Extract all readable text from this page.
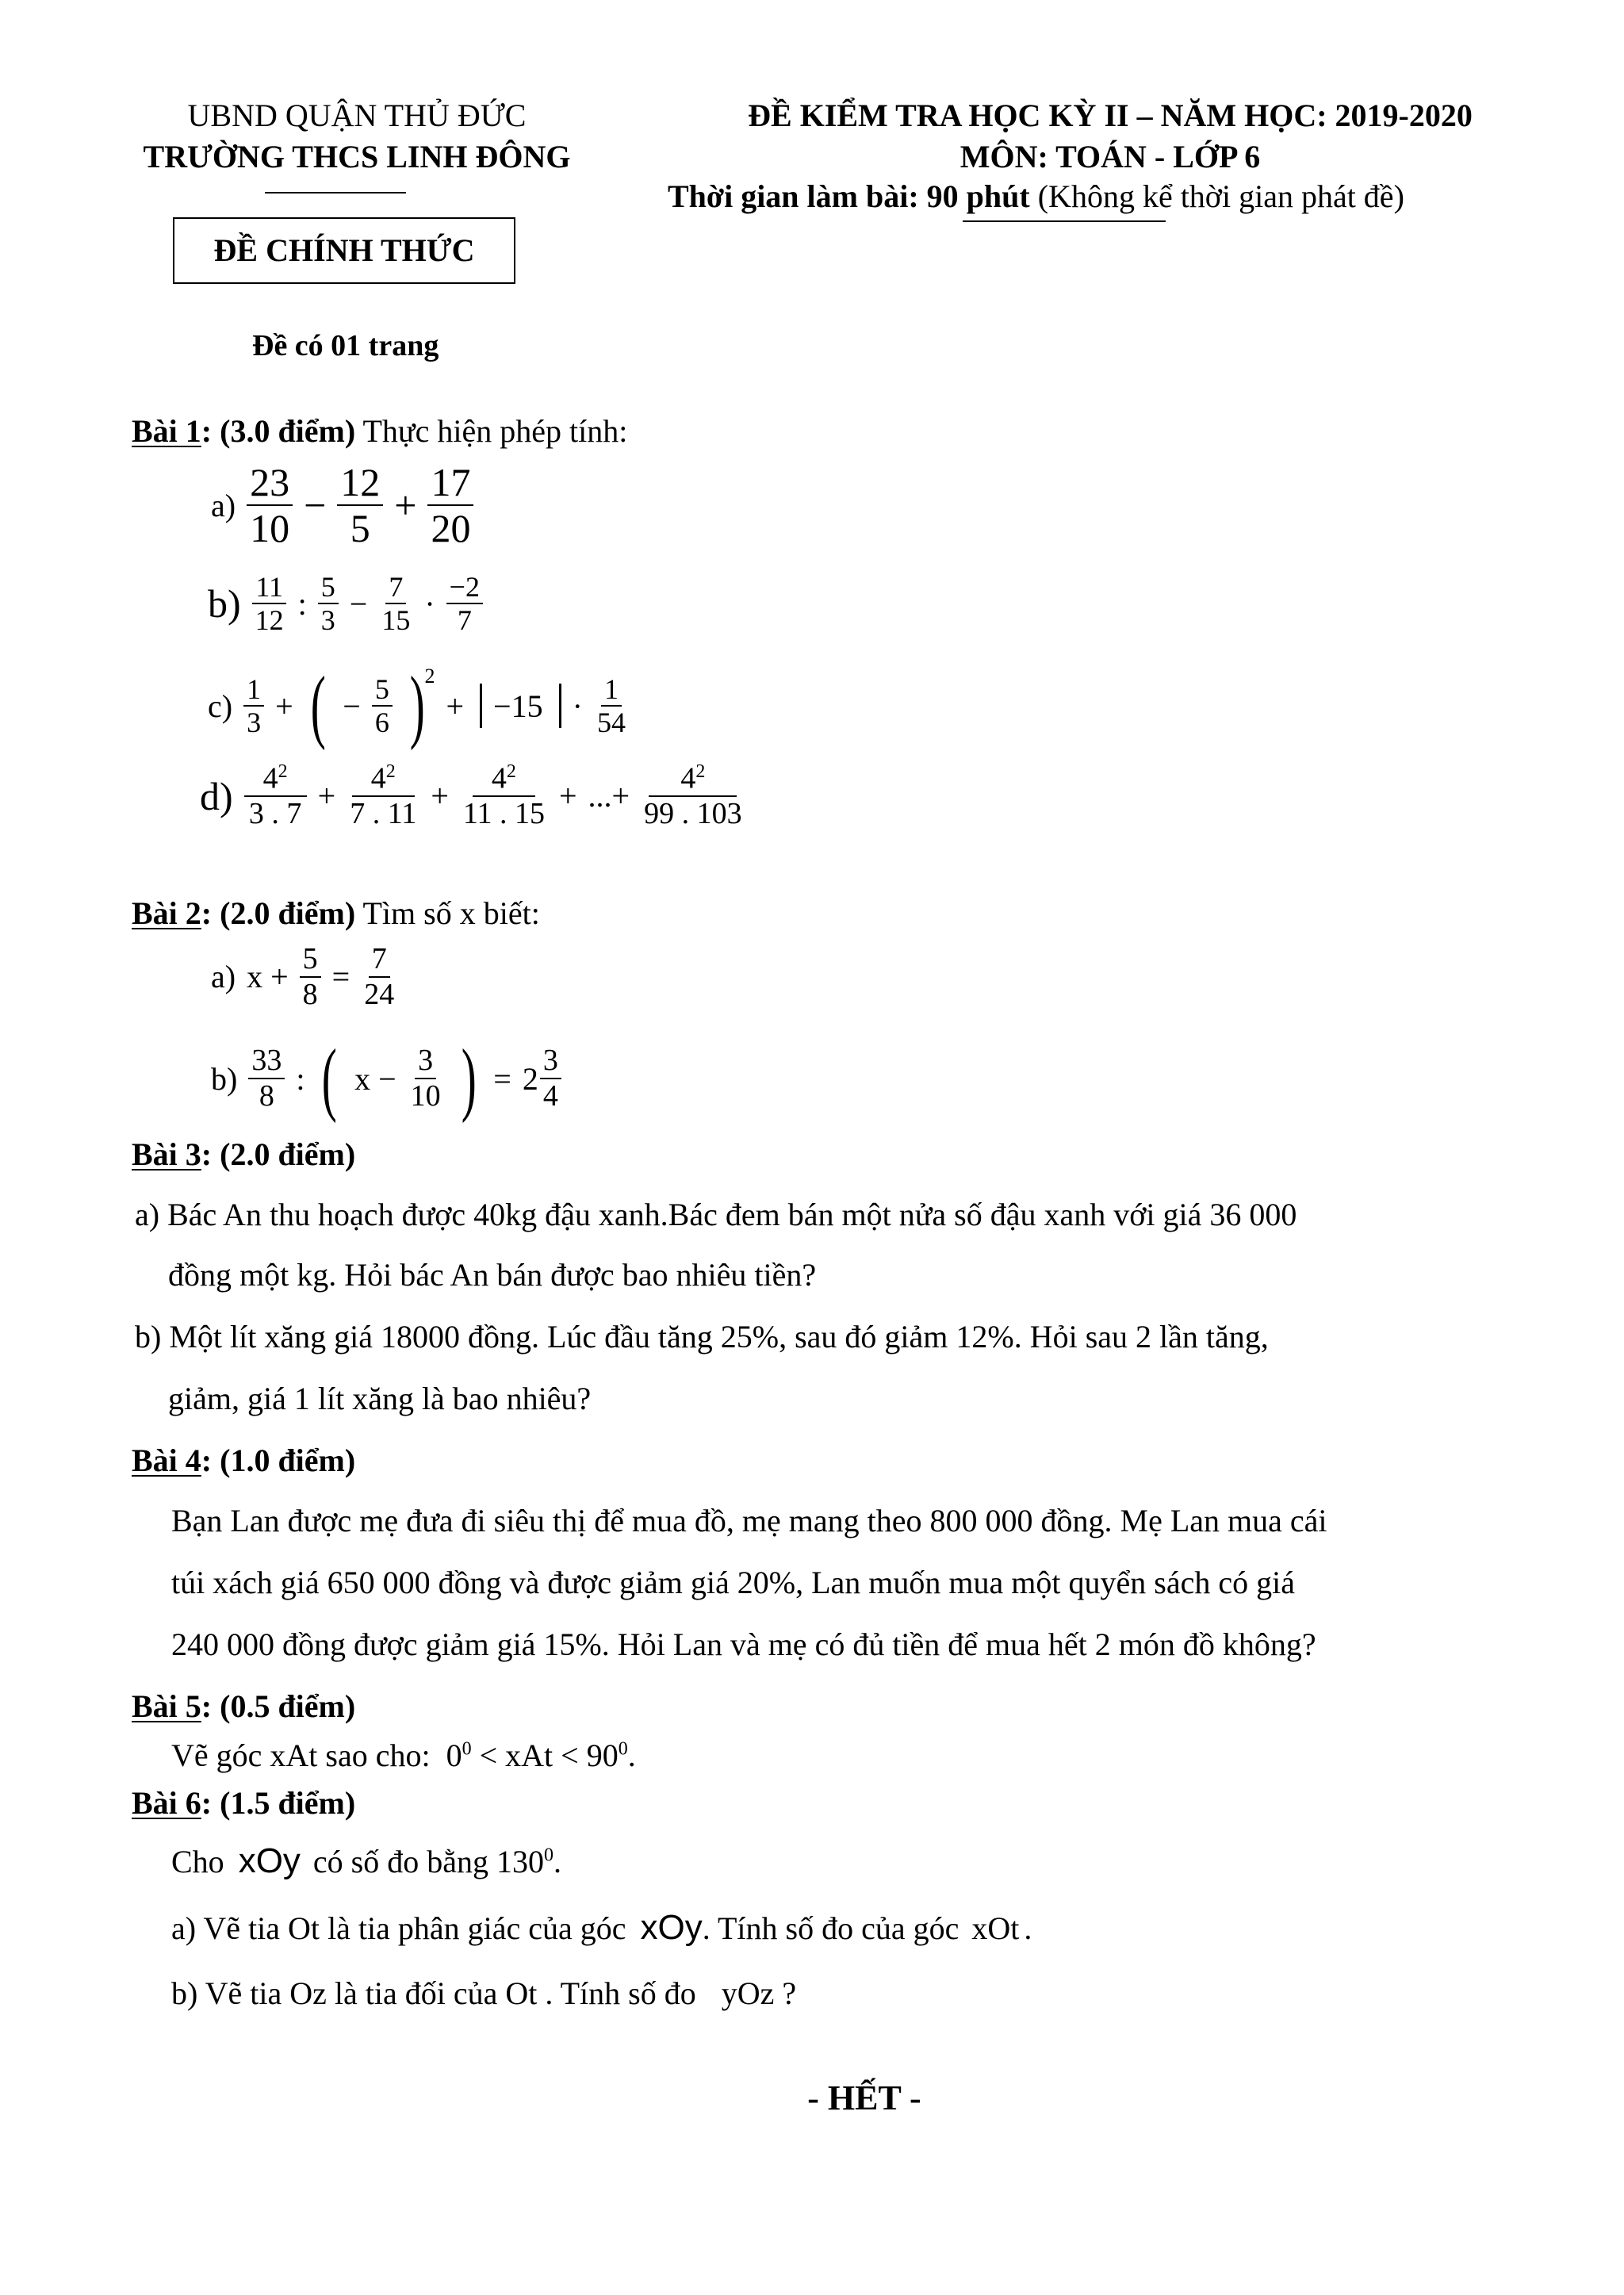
UBND QUẬN THỦ ĐỨC
TRƯỜNG THCS LINH ĐÔNG
ĐỀ CHÍNH THỨC
Đề có 01 trang
ĐỀ KIỂM TRA HỌC KỲ II – NĂM HỌC: 2019-2020
MÔN: TOÁN - LỚP 6
Thời gian làm bài: 90 phút (Không kể thời gian phát đề)
Bài 1: (3.0 điểm) Thực hiện phép tính:
$a) \frac{23}{10} - \frac{12}{5} + \frac{17}{20}$
$b) \frac{11}{12}$ : $\frac{5}{3} - \frac{7}{15} \cdot \frac{-2}{7}$
$c) \frac{1}{3}$ + ( − $\frac{5}{6}$ ) 2
+ $-15 \cdot \frac{1}{54}$
$d) \frac{4^2}{3 . 7} + \frac{4^2}{7 . 11} + \frac{4^2}{11 . 15}$ + ...+ $\frac{4^2}{99 . 103}$
Bài 2: (2.0 điểm) Tìm số x biết:
a) $x + \frac{5}{8} = \frac{7}{24}$
$b) \frac{33}{8}$ : ( $x - \frac{3}{10}$ ) = $2 \frac{3}{4}$
Bài 3: (2.0 điểm)
a) Bác An thu hoạch được 40kg đậu xanh.Bác đem bán một nửa số đậu xanh với giá 36 000
đồng một kg. Hỏi bác An bán được bao nhiêu tiền?
b) Một lít xăng giá 18000 đồng. Lúc đầu tăng 25%, sau đó giảm 12%. Hỏi sau 2 lần tăng,
giảm, giá 1 lít xăng là bao nhiêu?
Bài 4: (1.0 điểm)
Bạn Lan được mẹ đưa đi siêu thị để mua đồ, mẹ mang theo 800 000 đồng. Mẹ Lan mua cái
túi xách giá 650 000 đồng và được giảm giá 20%, Lan muốn mua một quyển sách có giá
240 000 đồng được giảm giá 15%. Hỏi Lan và mẹ có đủ tiền để mua hết 2 món đồ không?
Bài 5: (0.5 điểm)
Vẽ góc xAt sao cho: $0^0$ < xAt < $90^0$.
Bài 6: (1.5 điểm)
Cho xOy có số đo bằng $130^0$.
a) Vẽ tia Ot là tia phân giác của góc xOy. Tính số đo của góc xOt .
b) Vẽ tia Oz là tia đối của Ot . Tính số đo yOz ?
- HẾT -
